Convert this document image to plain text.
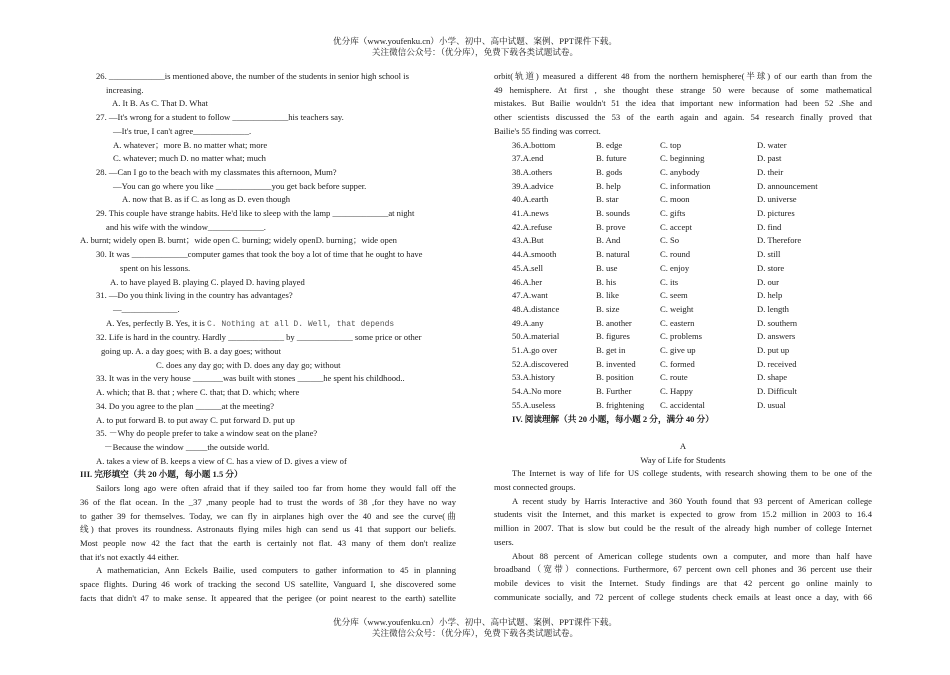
优分库（www.youfenku.cn）小学、初中、高中试题、案例、PPT课件下载。
关注微信公众号：（优分库），免费下载各类试题试卷。
26. _____________is mentioned above, the number of the students in senior high school is
increasing.
A. It B. As C. That D. What
27. —It's wrong for a student to follow _____________his teachers say.
—It's true, I can't agree_____________.
A. whatever；more B. no matter what; more
C. whatever; much D. no matter what; much
28. —Can I go to the beach with my classmates this afternoon, Mum?
—You can go where you like _____________you get back before supper.
A. now that B. as if C. as long as D. even though
29. This couple have strange habits. He'd like to sleep with the lamp _____________at night
and his wife with the window_____________.
A. burnt; widely open B. burnt；wide open C. burning; widely openD. burning；wide open
30. It was _____________computer games that took the boy a lot of time that he ought to have
spent on his lessons.
A. to have played B. playing C. played D. having played
31. —Do you think living in the country has advantages?
—_____________.
A. Yes, perfectly B. Yes, it is C. Nothing at all D. Well, that depends
32. Life is hard in the country. Hardly _____________ by _____________ some price or other
going up. A. a day goes; with B. a day goes; without
C. does any day go; with D. does any day go; without
33. It was in the very house _______was built with stones ______he spent his childhood..
A. which; that B. that ; where C. that; that D. which; where
34. Do you agree to the plan ______at the meeting?
A. to put forward B. to put away C. put forward D. put up
35. －Why do people prefer to take a window seat on the plane?
－Because the window _____the outside world.
A. takes a view of B. keeps a view of C. has a view of D. gives a view of
III. 完形填空（共 20 小题，每小题 1.5 分）
Sailors long ago were often afraid that if they sailed too far from home they would fall off the
36 of the flat ocean. In the _37 ,many people had to trust the words of 38 ,for they have no way
to gather 39 for themselves. Today, we can fly in airplanes high over the 40 and see the curve(曲
线) that proves its roundness. Astronauts flying miles high can send us 41 that support our beliefs.
Most people now 42 the fact that the earth is certainly not flat. 43 many of them don't realize
that it's not exactly 44 either.
A mathematician, Ann Eckels Bailie, used computers to gather information to 45 in planning
space flights. During 46 work of tracking the second US satellite, Vanguard I, she discovered some
facts that didn't 47 to make sense. It appeared that the perigee (or point nearest to the earth) satellite
orbit(轨道) measured a different 48 from the northern hemisphere(半球) of our earth than from the
49 hemisphere. At first , she thought these strange 50 were because of some mathematical
mistakes. But Bailie wouldn't 51 the idea that important new information had been 52 .She and
other scientists discussed the 53 of the earth again and again. 54 research finally proved that
Bailie's 55 finding was correct.
36.A.bottom	B. edge	C. top	D. water
37.A.end	B. future	C. beginning	D. past
38.A.others	B. gods	C. anybody	D. their
39.A.advice	B. help	C. information	D. announcement
40.A.earth	B. star	C. moon	D. universe
41.A.news	B. sounds	C. gifts	D. pictures
42.A.refuse	B. prove	C. accept	D. find
43.A.But	B. And	C. So	D. Therefore
44.A.smooth	B. natural	C. round	D. still
45.A.sell	B. use	C. enjoy	D. store
46.A.her	B. his	C. its	D. our
47.A.want	B. like	C. seem	D. help
48.A.distance	B. size	C. weight	D. length
49.A.any	B. another	C. eastern	D. southern
50.A.material	B. figures	C. problems	D. answers
51.A.go over	B. get in	C. give up	D. put up
52.A.discovered	B. invented	C. formed	D. received
53.A.history	B. position	C. route	D. shape
54.A.No more	B. Further	C. Happy	D. Difficult
55.A.useless	B. frightening	C. accidental	D. usual
IV. 阅读理解（共 20 小题，每小题 2 分，满分 40 分）
A
Way of Life for Students
The Internet is way of life for US college students, with research showing them to be one of the
most connected groups.
A recent study by Harris Interactive and 360 Youth found that 93 percent of American college
students visit the Internet, and this market is expected to grow from 15.2 million in 2003 to 16.4
million in 2007. That is slow but could be the result of the already high number of college Internet
users.
About 88 percent of American college students own a computer, and more than half have
broadband（宽带）connections. Furthermore, 67 percent own cell phones and 36 percent use their
mobile devices to visit the Internet. Study findings are that 42 percent go online mainly to
communicate socially, and 72 percent of college students check emails at least once a day, with 66
优分库（www.youfenku.cn）小学、初中、高中试题、案例、PPT课件下载。
关注微信公众号：（优分库），免费下载各类试题试卷。
